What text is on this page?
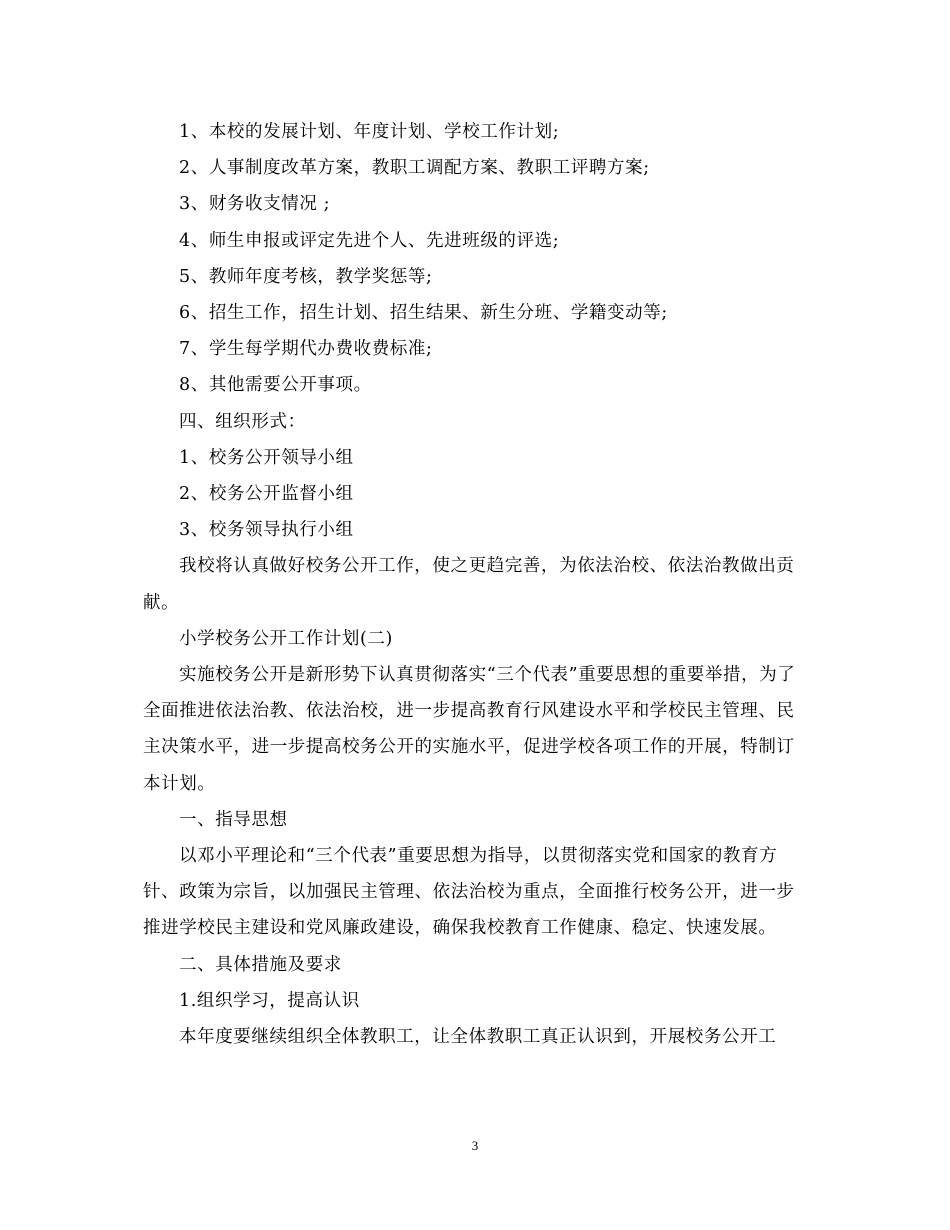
1、本校的发展计划、年度计划、学校工作计划;

2、人事制度改革方案，教职工调配方案、教职工评聘方案;

3、财务收支情况 ;

4、师生申报或评定先进个人、先进班级的评选;

5、教师年度考核，教学奖惩等;

6、招生工作，招生计划、招生结果、新生分班、学籍变动等;

7、学生每学期代办费收费标准;

8、其他需要公开事项。

四、组织形式：

1、校务公开领导小组

2、校务公开监督小组

3、校务领导执行小组

我校将认真做好校务公开工作，使之更趋完善，为依法治校、依法治教做出贡献。

小学校务公开工作计划(二)

实施校务公开是新形势下认真贯彻落实“三个代表”重要思想的重要举措，为了全面推进依法治教、依法治校，进一步提高教育行风建设水平和学校民主管理、民主决策水平，进一步提高校务公开的实施水平，促进学校各项工作的开展，特制订本计划。

一、指导思想

以邓小平理论和“三个代表”重要思想为指导，以贯彻落实党和国家的教育方针、政策为宗旨，以加强民主管理、依法治校为重点，全面推行校务公开，进一步推进学校民主建设和党风廉政建设，确保我校教育工作健康、稳定、快速发展。

二、具体措施及要求

1.组织学习，提高认识

本年度要继续组织全体教职工，让全体教职工真正认识到，开展校务公开工

3
